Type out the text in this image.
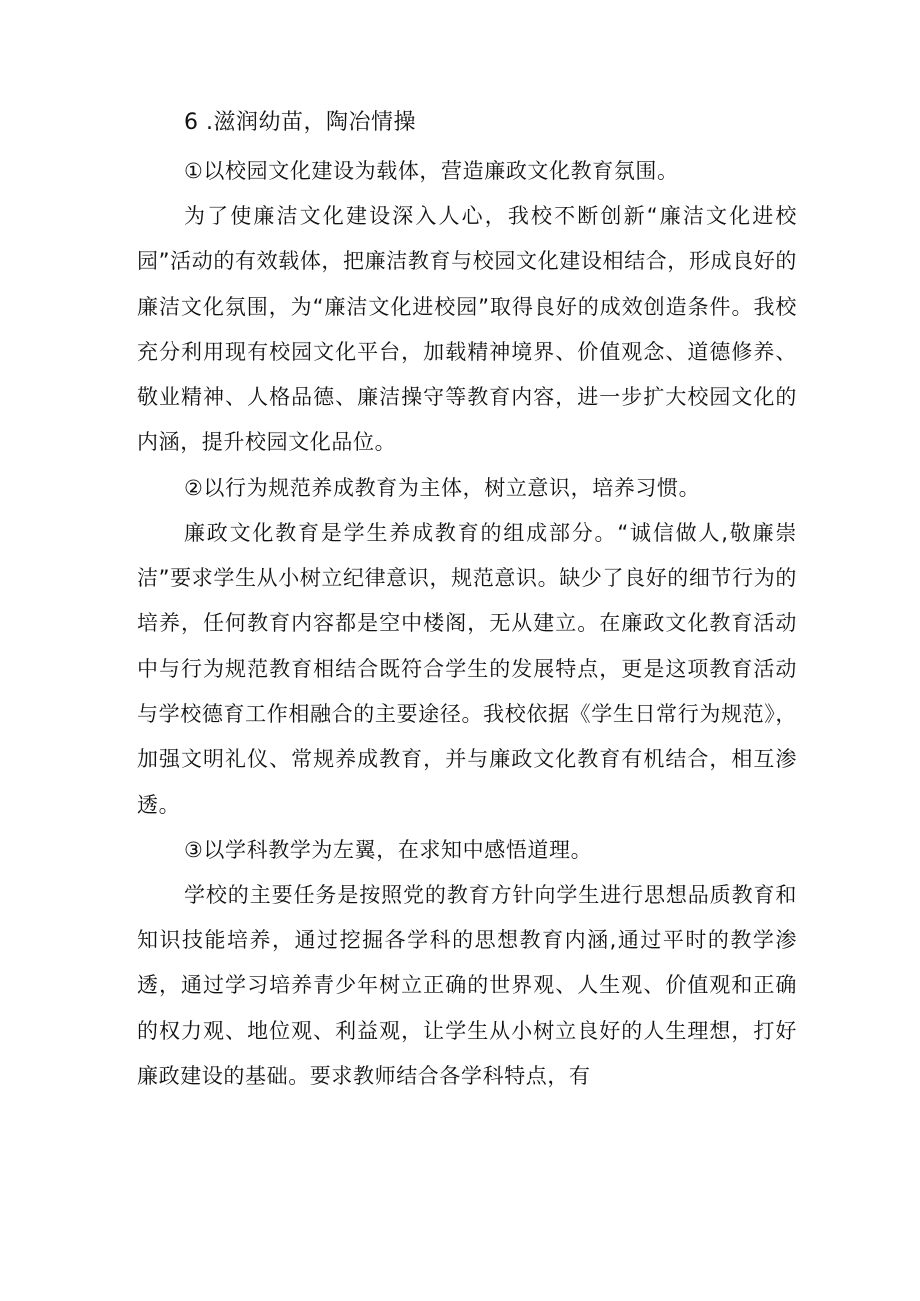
6 .滋润幼苗，陶冶情操
①以校园文化建设为载体，营造廉政文化教育氛围。

为了使廉洁文化建设深入人心，我校不断创新“廉洁文化进校园”活动的有效载体，把廉洁教育与校园文化建设相结合，形成良好的廉洁文化氛围，为“廉洁文化进校园”取得良好的成效创造条件。我校充分利用现有校园文化平台，加载精神境界、价值观念、道德修养、敬业精神、人格品德、廉洁操守等教育内容，进一步扩大校园文化的内涵，提升校园文化品位。

②以行为规范养成教育为主体，树立意识，培养习惯。

廉政文化教育是学生养成教育的组成部分。“诚信做人,敬廉崇洁”要求学生从小树立纪律意识，规范意识。缺少了良好的细节行为的培养，任何教育内容都是空中楼阁，无从建立。在廉政文化教育活动中与行为规范教育相结合既符合学生的发展特点，更是这项教育活动与学校德育工作相融合的主要途径。我校依据《学生日常行为规范》，加强文明礼仪、常规养成教育，并与廉政文化教育有机结合，相互渗透。

③以学科教学为左翼，在求知中感悟道理。

学校的主要任务是按照党的教育方针向学生进行思想品质教育和知识技能培养，通过挖掘各学科的思想教育内涵,通过平时的教学渗透，通过学习培养青少年树立正确的世界观、人生观、价值观和正确的权力观、地位观、利益观，让学生从小树立良好的人生理想，打好廉政建设的基础。要求教师结合各学科特点，有
